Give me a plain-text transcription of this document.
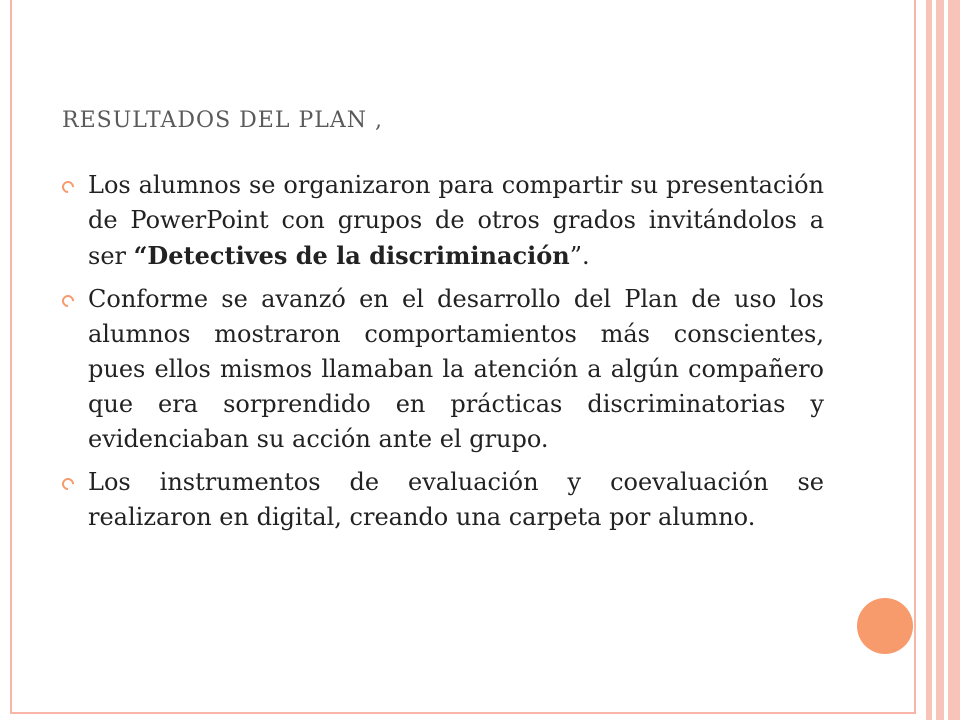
RESULTADOS DEL PLAN ,
Los alumnos se organizaron para compartir su presentación de PowerPoint con grupos de otros grados invitándolos a ser “Detectives de la discriminación”.
Conforme se avanzó en el desarrollo del Plan de uso los alumnos mostraron comportamientos más conscientes, pues ellos mismos llamaban la atención a algún compañero que era sorprendido en prácticas discriminatorias y evidenciaban su acción ante el grupo.
Los instrumentos de evaluación y coevaluación se realizaron en digital, creando una carpeta por alumno.
